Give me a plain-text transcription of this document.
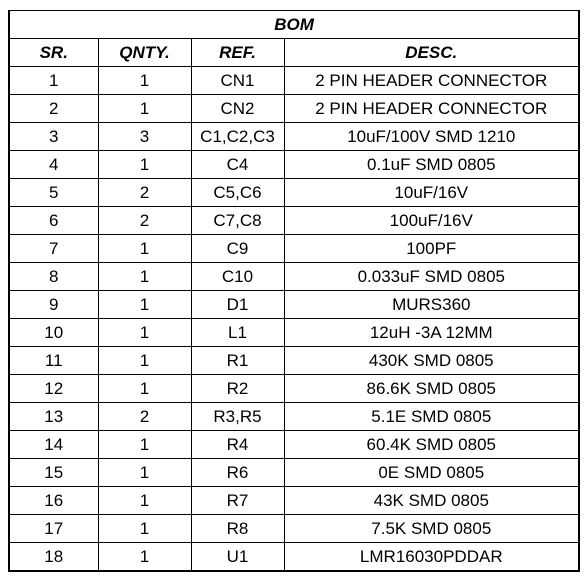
BOM			
SR.	QNTY.	REF.	DESC.
1	1	CN1	2 PIN HEADER CONNECTOR
2	1	CN2	2 PIN HEADER CONNECTOR
3	3	C1,C2,C3	10uF/100V SMD 1210
4	1	C4	0.1uF SMD 0805
5	2	C5,C6	10uF/16V
6	2	C7,C8	100uF/16V
7	1	C9	100PF
8	1	C10	0.033uF SMD 0805
9	1	D1	MURS360
10	1	L1	12uH -3A 12MM
11	1	R1	430K SMD 0805
12	1	R2	86.6K SMD 0805
13	2	R3,R5	5.1E SMD 0805
14	1	R4	60.4K SMD 0805
15	1	R6	0E SMD 0805
16	1	R7	43K SMD 0805
17	1	R8	7.5K SMD 0805
18	1	U1	LMR16030PDDAR
